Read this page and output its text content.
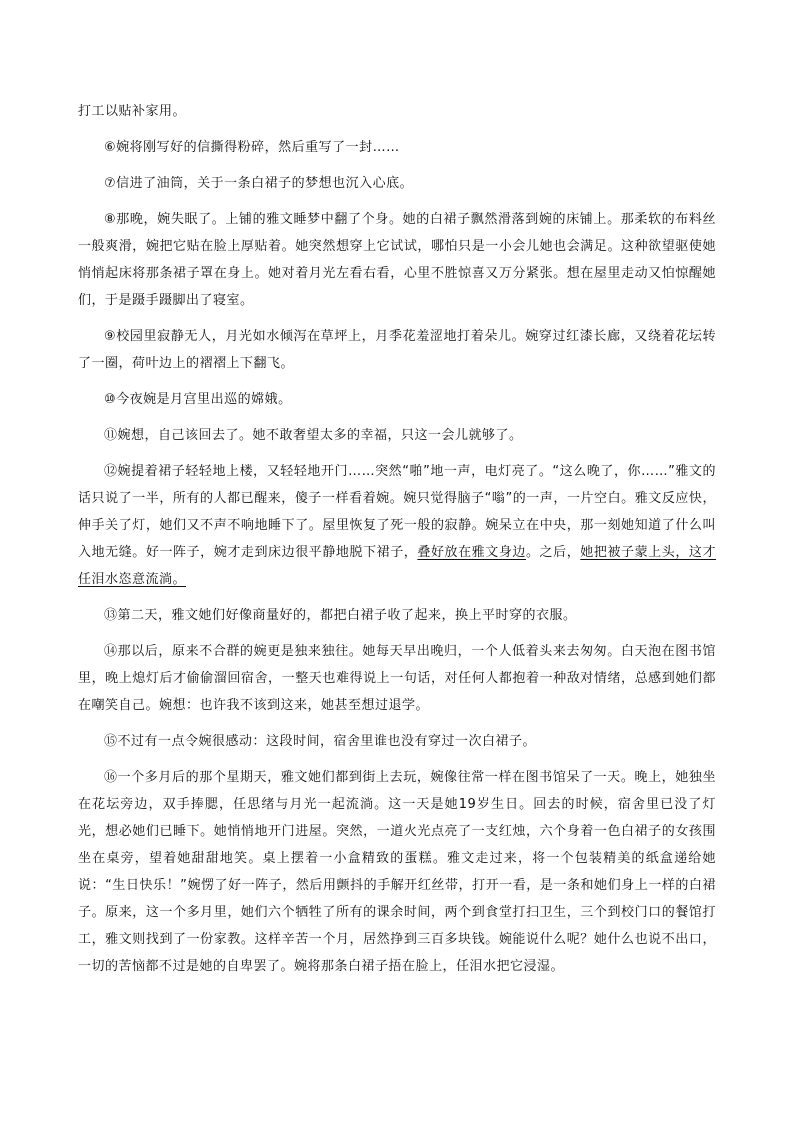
打工以贴补家用。

⑥婉将刚写好的信撕得粉碎，然后重写了一封……

⑦信进了油筒，关于一条白裙子的梦想也沉入心底。

⑧那晚，婉失眠了。上铺的雅文睡梦中翻了个身。她的白裙子飘然滑落到婉的床铺上。那柔软的布料丝一般爽滑，婉把它贴在脸上厚贴着。她突然想穿上它试试，哪怕只是一小会儿她也会满足。这种欲望驱使她悄悄起床将那条裙子罩在身上。她对着月光左看右看，心里不胜惊喜又万分紧张。想在屋里走动又怕惊醒她们，于是蹑手蹑脚出了寝室。

⑨校园里寂静无人，月光如水倾泻在草坪上，月季花羞涩地打着朵儿。婉穿过红漆长廊，又绕着花坛转了一圈，荷叶边上的褶褶上下翻飞。

⑩今夜婉是月宫里出巡的嫦娥。

⑪婉想，自己该回去了。她不敢奢望太多的幸福，只这一会儿就够了。

⑫婉提着裙子轻轻地上楼，又轻轻地开门……突然“啪”地一声，电灯亮了。“这么晚了，你……”雅文的话只说了一半，所有的人都已醒来，傻子一样看着婉。婉只觉得脑子“嗡”的一声，一片空白。雅文反应快，伸手关了灯，她们又不声不响地睡下了。屋里恢复了死一般的寂静。婉呆立在中央，那一刻她知道了什么叫入地无缝。好一阵子，婉才走到床边很平静地脱下裙子，叠好放在雅文身边。之后，她把被子蒙上头，这才任泪水恣意流淌。

⑬第二天，雅文她们好像商量好的，都把白裙子收了起来，换上平时穿的衣服。

⑭那以后，原来不合群的婉更是独来独往。她每天早出晚归，一个人低着头来去匆匆。白天泡在图书馆里，晚上熄灯后才偷偷溜回宿舍，一整天也难得说上一句话，对任何人都抱着一种敌对情绪，总感到她们都在嘲笑自己。婉想：也许我不该到这来，她甚至想过退学。

⑮不过有一点令婉很感动：这段时间，宿舍里谁也没有穿过一次白裙子。

⑯一个多月后的那个星期天，雅文她们都到街上去玩，婉像往常一样在图书馆呆了一天。晚上，她独坐在花坛旁边，双手捧腮，任思绪与月光一起流淌。这一天是她19岁生日。回去的时候，宿舍里已没了灯光，想必她们已睡下。她悄悄地开门进屋。突然，一道火光点亮了一支红烛，六个身着一色白裙子的女孩围坐在桌旁，望着她甜甜地笑。桌上摆着一小盒精致的蛋糕。雅文走过来，将一个包装精美的纸盒递给她说：“生日快乐！”婉愣了好一阵子，然后用颤抖的手解开红丝带，打开一看，是一条和她们身上一样的白裙子。原来，这一个多月里，她们六个牺牲了所有的课余时间，两个到食堂打扫卫生，三个到校门口的餐馆打工，雅文则找到了一份家教。这样辛苦一个月，居然挣到三百多块钱。婉能说什么呢？她什么也说不出口，一切的苦恼都不过是她的自卑罢了。婉将那条白裙子捂在脸上，任泪水把它浸湿。
